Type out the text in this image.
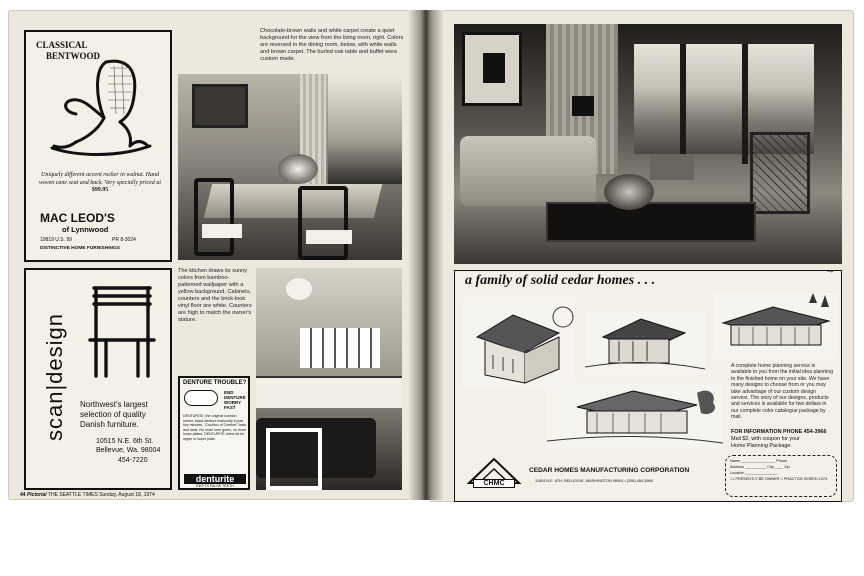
CLASSICAL
BENTWOOD
Uniquely different accent rocker in walnut. Hand woven cane seat and back. Very specially priced at $99.95
MAC LEOD'S
of Lynnwood
19819 U.S. 99	PR 8-3024
DISTINCTIVE HOME FURNISHINGS
scan|design Northwest's largest
selection of quality
Danish furniture.
10515 N.E. 6th St.
Bellevue, Wa. 98004
454-7220
Chocolate-brown walls and white carpet create a quiet background for the view from the living room, right. Colors are reversed in the dining room, below, with white walls and brown carpet. The burled oak table and buffet were custom made.
The kitchen draws its sunny colors from bamboo-patterned wallpaper with a yellow background. Cabinets, counters and the brick-look vinyl floor are white. Counters are high to match the owner's stature.
DENTURE TROUBLE?
END
DENTURE
WORRY
FAST
DENTURITE, the original cushion reliner, stops denture insecurity in just five minutes. "Cushion of Comfort" lasts and lasts. No more sore gums, no more loose plates. DENTURITE reline kit for upper or lower plate.
denturite
REFITS FALSE TEETH
44 Pictorial THE SEATTLE TIMES Sunday, August 18, 1974
a family of solid cedar homes . . .
→
A complete home planning service is available to you from the initial idea planning to the finished home on your site. We have many designs to choose from or you may take advantage of our custom design service. The story of our designs, products and services is available for two dollars in our complete color catalogue package by mail.
FOR INFORMATION PHONE 454-3966
Mail $2, with coupon for your
Home Planning Package.
CHMC
CEDAR HOMES MANUFACTURING CORPORATION
11604 N.E. 8TH, BELLEVUE, WASHINGTON 98004 • (206) 454-3966
Name ________________ Phone
Address __________ City ____ Zip
Location _______________
□ I PRESENTLY BE OWNER □ PRACTICE BORED 1974
